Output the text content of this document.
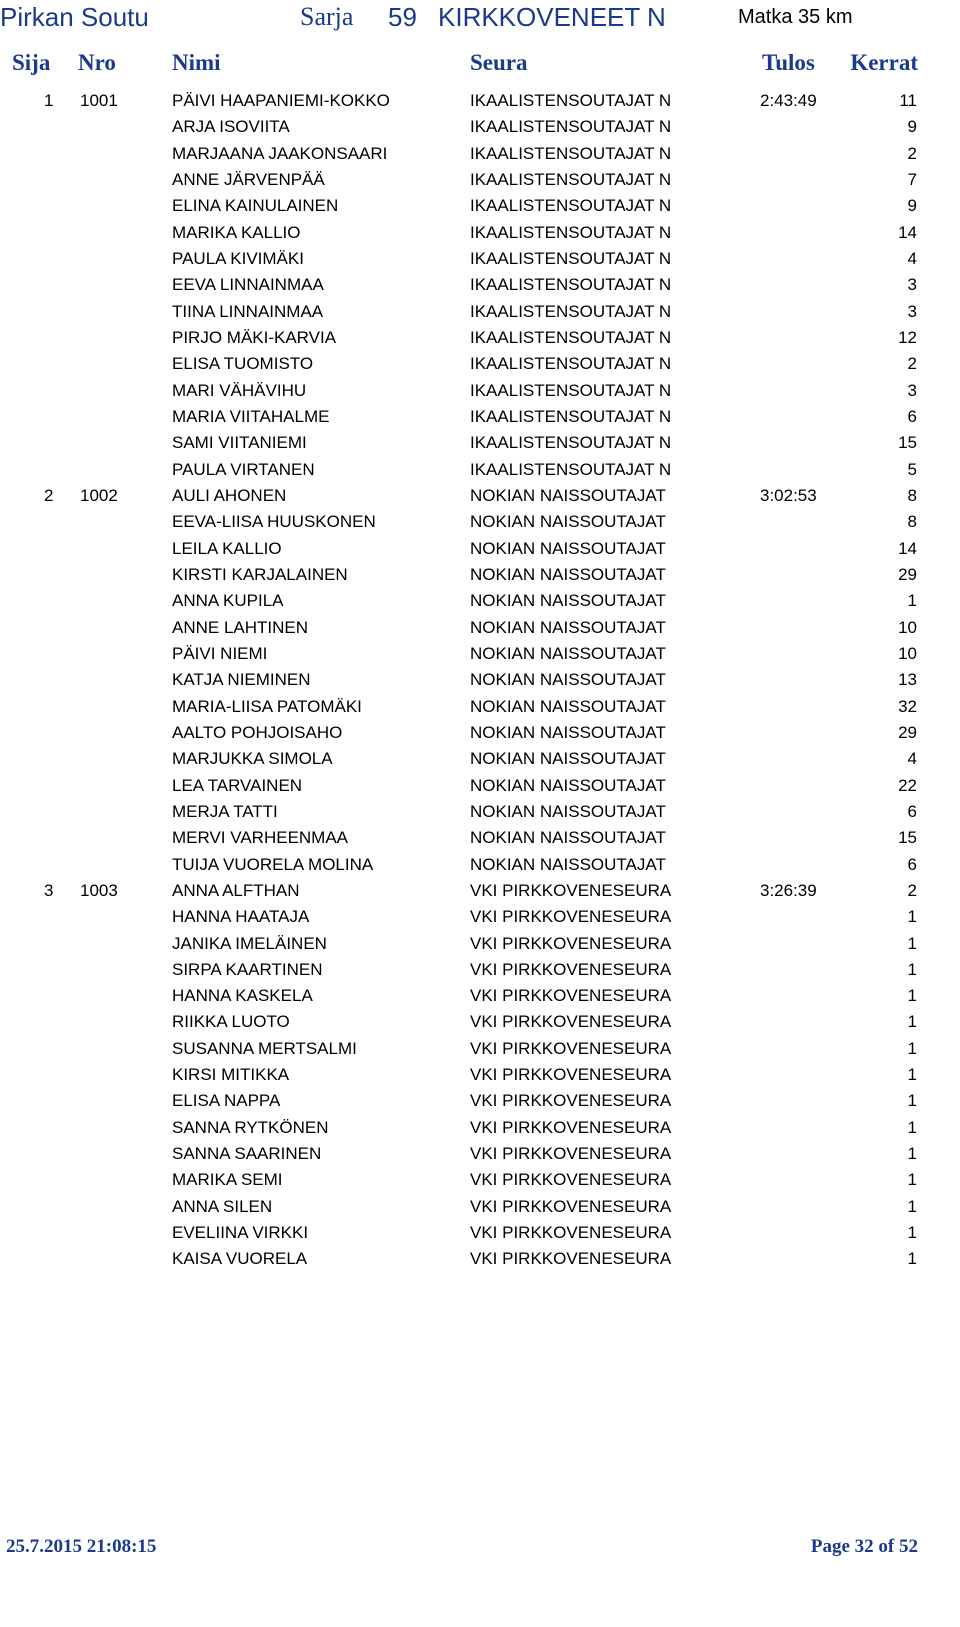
Pirkan Soutu	Sarja 59 KIRKKOVENEET N	Matka 35 km
Sija Nro Nimi	Seura	Tulos Kerrat
1 1001	PÄIVI HAAPANIEMI-KOKKO	IKAALISTENSOUTAJAT N	2:43:49	11
ARJA ISOVIITA	IKAALISTENSOUTAJAT N	9
MARJAANA JAAKONSAARI	IKAALISTENSOUTAJAT N	2
ANNE JÄRVENPÄÄ	IKAALISTENSOUTAJAT N	7
ELINA KAINULAINEN	IKAALISTENSOUTAJAT N	9
MARIKA KALLIO	IKAALISTENSOUTAJAT N	14
PAULA KIVIMÄKI	IKAALISTENSOUTAJAT N	4
EEVA LINNAINMAA	IKAALISTENSOUTAJAT N	3
TIINA LINNAINMAA	IKAALISTENSOUTAJAT N	3
PIRJO MÄKI-KARVIA	IKAALISTENSOUTAJAT N	12
ELISA TUOMISTO	IKAALISTENSOUTAJAT N	2
MARI VÄHÄVIHU	IKAALISTENSOUTAJAT N	3
MARIA VIITAHALME	IKAALISTENSOUTAJAT N	6
SAMI VIITANIEMI	IKAALISTENSOUTAJAT N	15
PAULA VIRTANEN	IKAALISTENSOUTAJAT N	5
2 1002	AULI AHONEN	NOKIAN NAISSOUTAJAT	3:02:53	8
EEVA-LIISA HUUSKONEN	NOKIAN NAISSOUTAJAT	8
LEILA KALLIO	NOKIAN NAISSOUTAJAT	14
KIRSTI KARJALAINEN	NOKIAN NAISSOUTAJAT	29
ANNA KUPILA	NOKIAN NAISSOUTAJAT	1
ANNE LAHTINEN	NOKIAN NAISSOUTAJAT	10
PÄIVI NIEMI	NOKIAN NAISSOUTAJAT	10
KATJA NIEMINEN	NOKIAN NAISSOUTAJAT	13
MARIA-LIISA PATOMÄKI	NOKIAN NAISSOUTAJAT	32
AALTO POHJOISAHO	NOKIAN NAISSOUTAJAT	29
MARJUKKA SIMOLA	NOKIAN NAISSOUTAJAT	4
LEA TARVAINEN	NOKIAN NAISSOUTAJAT	22
MERJA TATTI	NOKIAN NAISSOUTAJAT	6
MERVI VARHEENMAA	NOKIAN NAISSOUTAJAT	15
TUIJA VUORELA MOLINA	NOKIAN NAISSOUTAJAT	6
3 1003	ANNA ALFTHAN	VKI PIRKKOVENESEURA	3:26:39	2
HANNA HAATAJA	VKI PIRKKOVENESEURA	1
JANIKA IMELÄINEN	VKI PIRKKOVENESEURA	1
SIRPA KAARTINEN	VKI PIRKKOVENESEURA	1
HANNA KASKELA	VKI PIRKKOVENESEURA	1
RIIKKA LUOTO	VKI PIRKKOVENESEURA	1
SUSANNA MERTSALMI	VKI PIRKKOVENESEURA	1
KIRSI MITIKKA	VKI PIRKKOVENESEURA	1
ELISA NAPPA	VKI PIRKKOVENESEURA	1
SANNA RYTKÖNEN	VKI PIRKKOVENESEURA	1
SANNA SAARINEN	VKI PIRKKOVENESEURA	1
MARIKA SEMI	VKI PIRKKOVENESEURA	1
ANNA SILEN	VKI PIRKKOVENESEURA	1
EVELIINA VIRKKI	VKI PIRKKOVENESEURA	1
KAISA VUORELA	VKI PIRKKOVENESEURA	1
25.7.2015 21:08:15	Page 32 of 52
